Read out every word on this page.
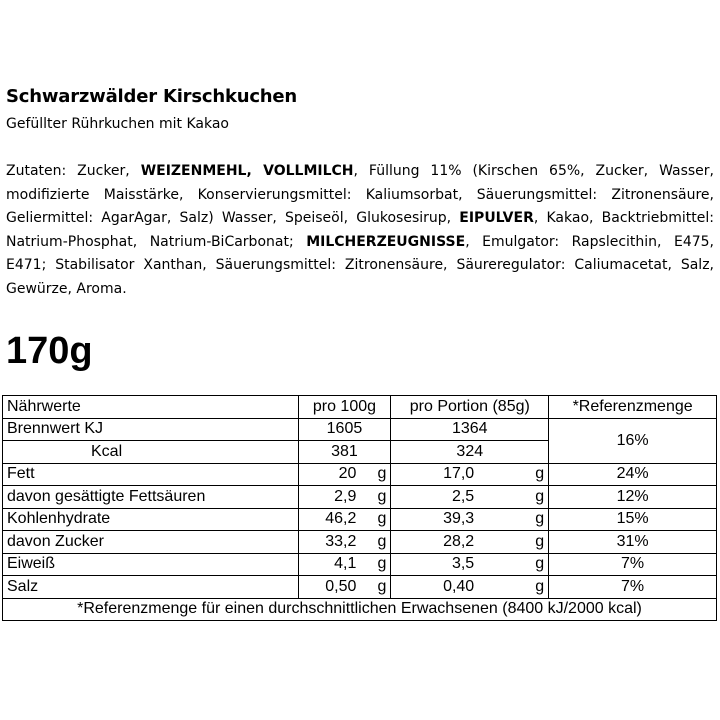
Schwarzwälder Kirschkuchen
Gefüllter Rührkuchen mit Kakao
Zutaten: Zucker, WEIZENMEHL, VOLLMILCH, Füllung 11% (Kirschen 65%, Zucker, Wasser, modifizierte Maisstärke, Konservierungsmittel: Kaliumsorbat, Säuerungsmittel: Zitronensäure, Geliermittel: AgarAgar, Salz) Wasser, Speiseöl, Glukosesirup, EIPULVER, Kakao, Backtriebmittel: Natrium-Phosphat, Natrium-BiCarbonat; MILCHERZEUGNISSE, Emulgator: Rapslecithin, E475, E471; Stabilisator Xanthan, Säuerungsmittel: Zitronensäure, Säureregulator: Caliumacetat, Salz, Gewürze, Aroma.
170g
Nährwerte	pro 100g	pro Portion (85g)	*Referenzmenge
Brennwert KJ	1605	1364	16%
Kcal	381	324	

Fett	20 g	17,0 g	24%
davon gesättigte Fettsäuren	2,9 g	2,5 g	12%
Kohlenhydrate	46,2 g	39,3 g	15%
davon Zucker	33,2 g	28,2 g	31%
Eiweiß	4,1 g	3,5 g	7%
Salz	0,50 g	0,40 g	7%
*Referenzmenge für einen durchschnittlichen Erwachsenen (8400 kJ/2000 kcal)			
